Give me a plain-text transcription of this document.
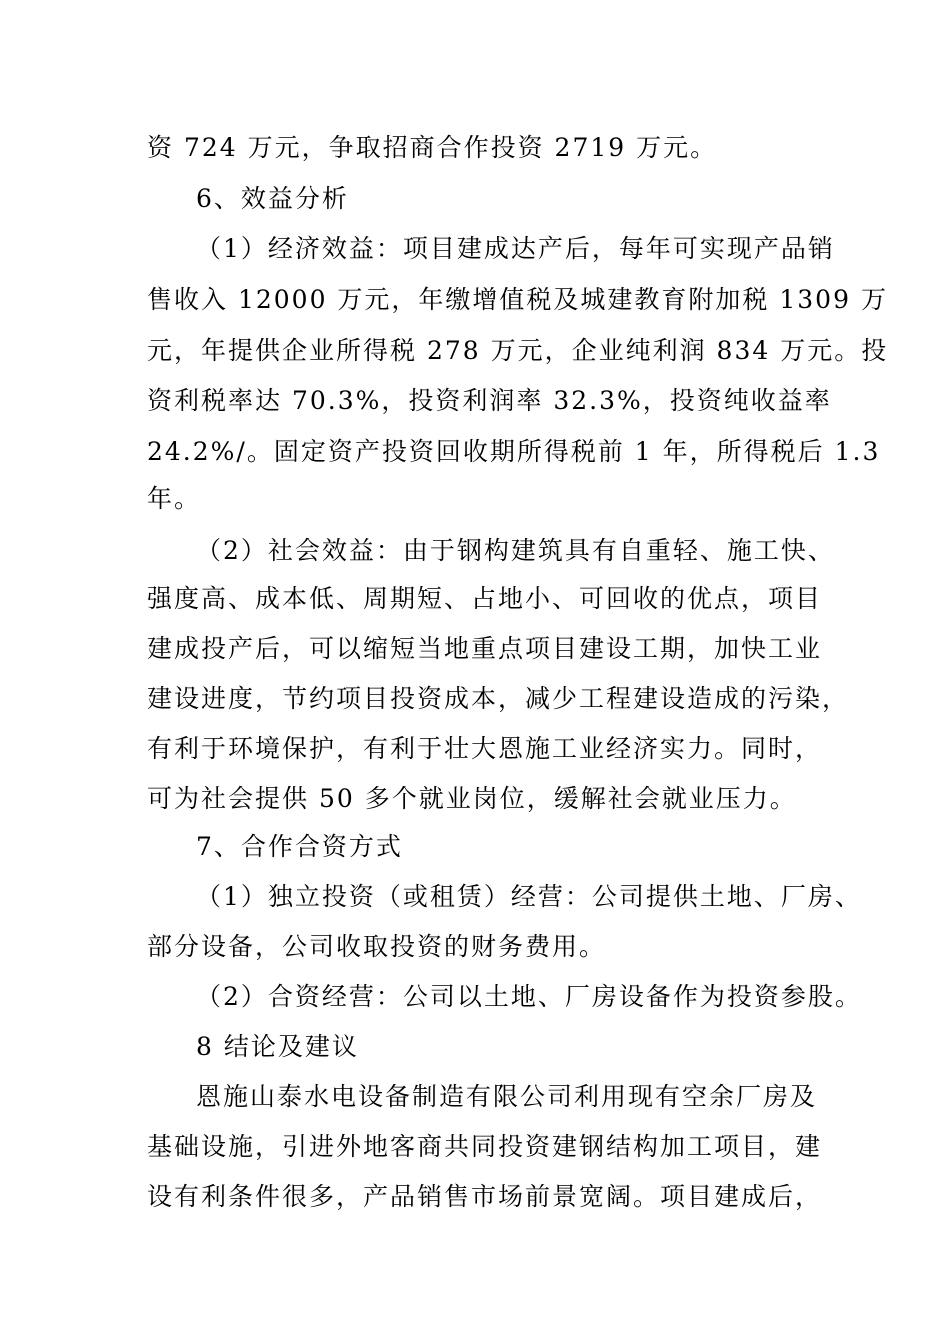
资 724 万元，争取招商合作投资 2719 万元。
6、效益分析
（1）经济效益：项目建成达产后，每年可实现产品销
售收入 12000 万元，年缴增值税及城建教育附加税 1309 万
元，年提供企业所得税 278 万元，企业纯利润 834 万元。投
资利税率达 70.3%，投资利润率 32.3%，投资纯收益率
24.2%/。固定资产投资回收期所得税前 1 年，所得税后 1.3
年。
（2）社会效益：由于钢构建筑具有自重轻、施工快、
强度高、成本低、周期短、占地小、可回收的优点，项目
建成投产后，可以缩短当地重点项目建设工期，加快工业
建设进度，节约项目投资成本，减少工程建设造成的污染，
有利于环境保护，有利于壮大恩施工业经济实力。同时，
可为社会提供 50 多个就业岗位，缓解社会就业压力。
7、合作合资方式
（1）独立投资（或租赁）经营：公司提供土地、厂房、
部分设备，公司收取投资的财务费用。
（2）合资经营：公司以土地、厂房设备作为投资参股。
8 结论及建议
恩施山泰水电设备制造有限公司利用现有空余厂房及
基础设施，引进外地客商共同投资建钢结构加工项目，建
设有利条件很多，产品销售市场前景宽阔。项目建成后，
